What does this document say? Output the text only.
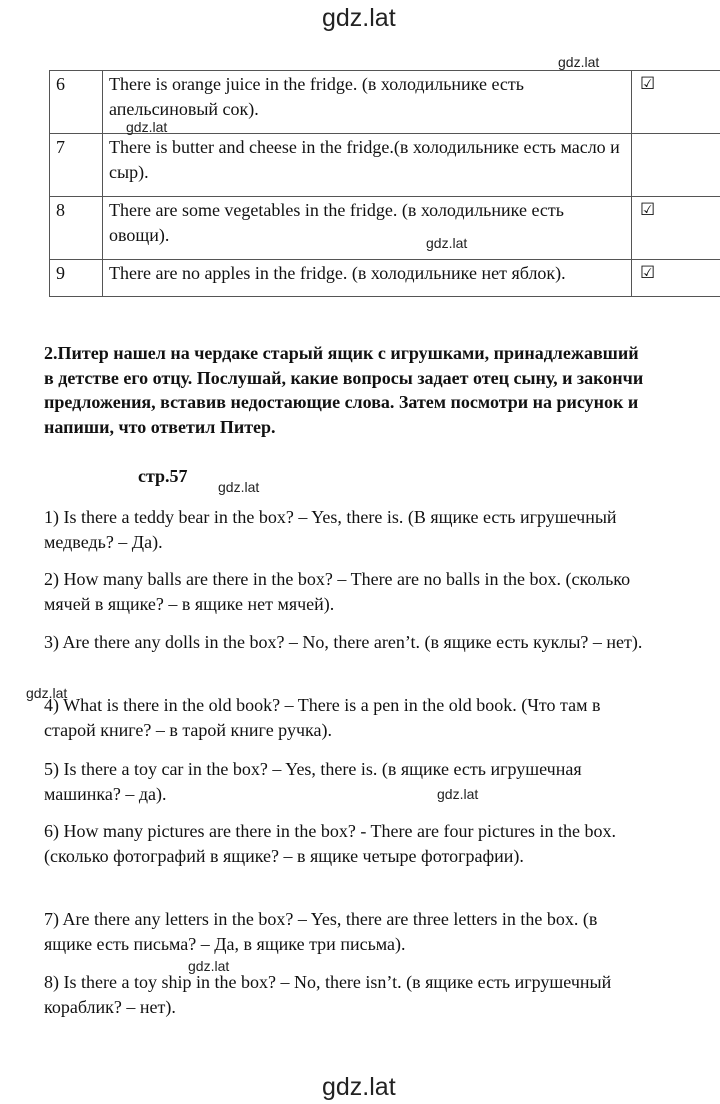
gdz.lat
gdz.lat
6	There is orange juice in the fridge. (в холодильнике есть апельсиновый сок).	☑
7	There is butter and cheese in the fridge.(в холодильнике есть масло и сыр).	
8	There are some vegetables in the fridge. (в холодильнике есть овощи).	☑
9	There are no apples in the fridge. (в холодильнике нет яблок).	☑
gdz.lat
gdz.lat
2.Питер нашел на чердаке старый ящик с игрушками, принадлежавший в детстве его отцу. Послушай, какие вопросы задает отец сыну, и закончи предложения, вставив недостающие слова. Затем посмотри на рисунок и напиши, что ответил Питер.
стр.57
gdz.lat
1) Is there a teddy bear in the box? – Yes, there is. (В ящике есть игрушечный медведь? – Да).
2) How many balls are there in the box? – There are no balls in the box. (сколько мячей в ящике? – в ящике нет мячей).
3) Are there any dolls in the box? – No, there aren’t. (в ящике есть куклы? – нет).
gdz.lat
4) What is there in the old book? – There is a pen in the old book. (Что там в старой книге? – в тарой книге ручка).
5) Is there a toy car in the box? – Yes, there is. (в ящике есть игрушечная машинка? – да).	gdz.lat
6) How many pictures are there in the box? - There are four pictures in the box. (сколько фотографий в ящике? – в ящике четыре фотографии).
7) Are there any letters in the box? – Yes, there are three letters in the box. (в ящике есть письма? – Да, в ящике три письма).
gdz.lat
8) Is there a toy ship in the box? – No, there isn’t. (в ящике есть игрушечный кораблик? – нет).
gdz.lat
